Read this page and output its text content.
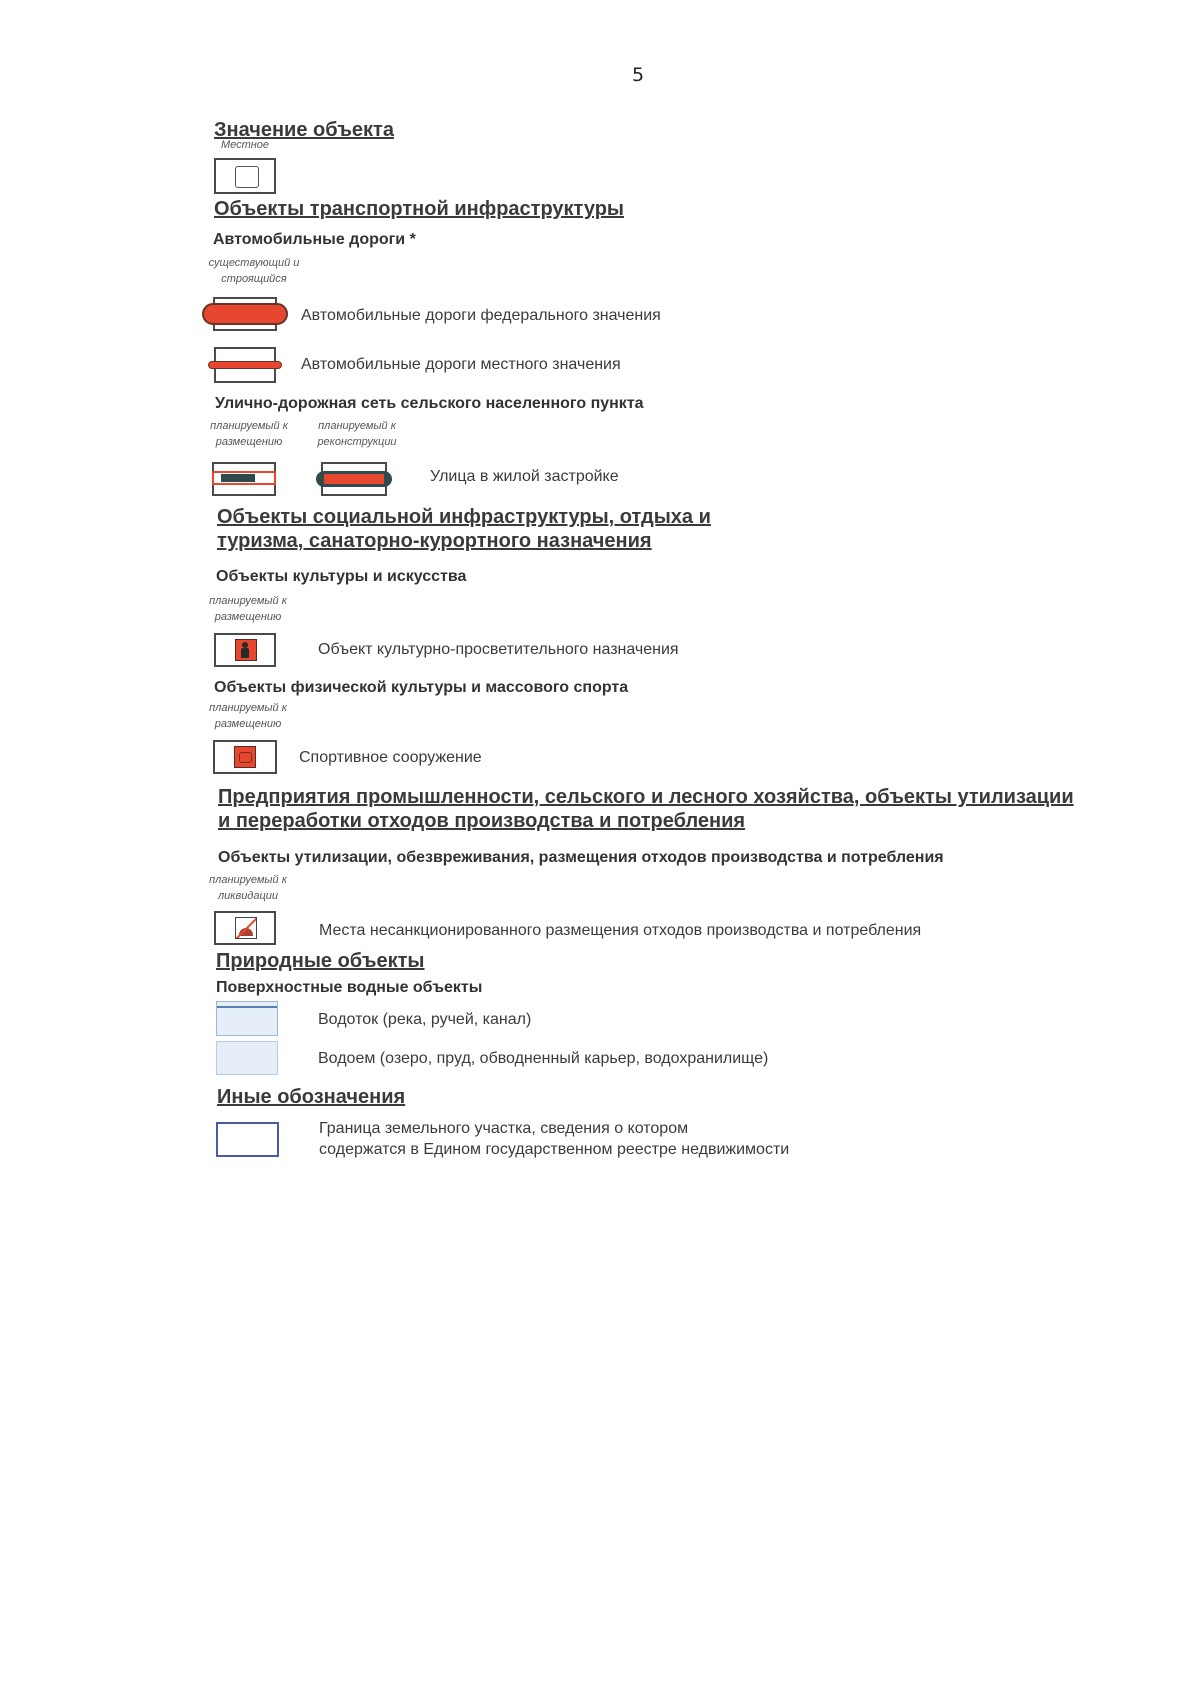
5
Значение объекта
Местное
Объекты транспортной инфраструктуры
Автомобильные дороги *
существующий и строящийся
Автомобильные дороги федерального значения
Автомобильные дороги местного значения
Улично-дорожная сеть сельского населенного пункта
планируемый к размещению
планируемый к реконструкции
Улица в жилой застройке
Объекты социальной инфраструктуры, отдыха и
туризма, санаторно-курортного назначения
Объекты культуры и искусства
планируемый к размещению
Объект культурно-просветительного назначения
Объекты физической культуры и массового спорта
планируемый к размещению
Спортивное сооружение
Предприятия промышленности, сельского и лесного хозяйства, объекты утилизации
и переработки отходов производства и потребления
Объекты утилизации, обезвреживания, размещения отходов производства и потребления
планируемый к ликвидации
Места несанкционированного размещения отходов производства и потребления
Природные объекты
Поверхностные водные объекты
Водоток (река, ручей, канал)
Водоем (озеро, пруд, обводненный карьер, водохранилище)
Иные обозначения
Граница земельного участка, сведения о котором
содержатся в Едином государственном реестре недвижимости
